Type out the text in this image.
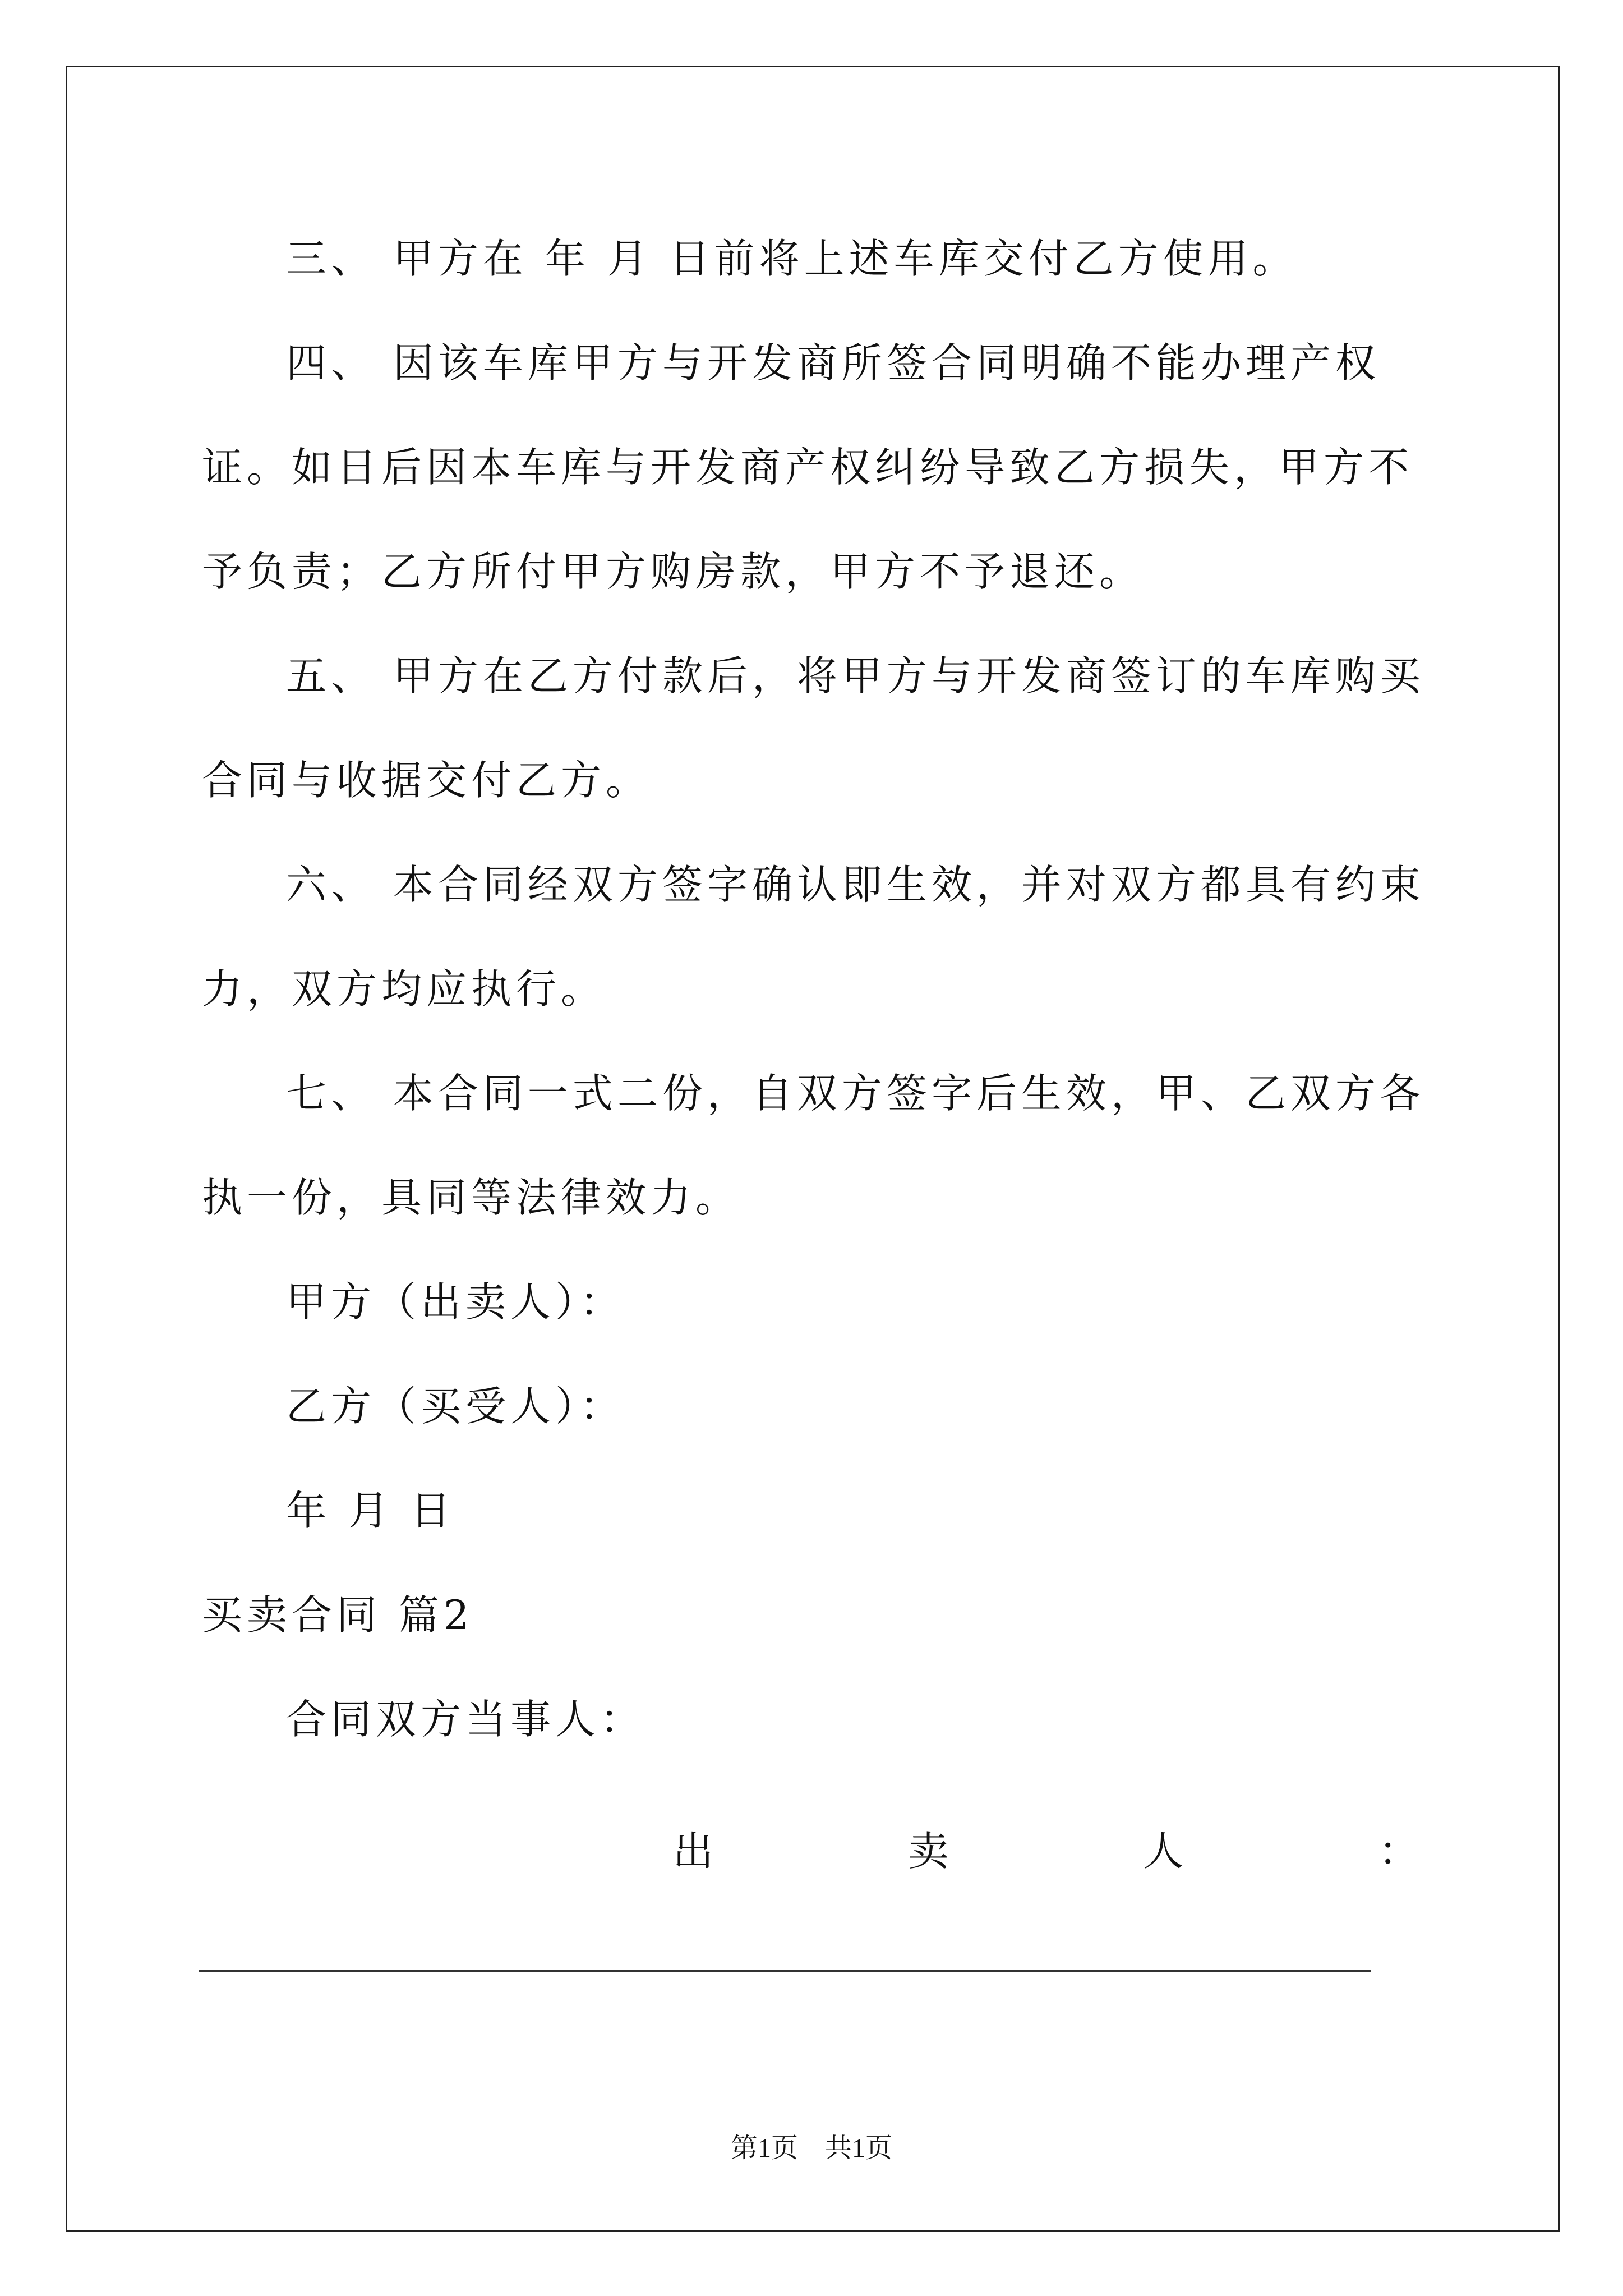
三、 甲方在 年 月 日前将上述车库交付乙方使用。

四、 因该车库甲方与开发商所签合同明确不能办理产权证。如日后因本车库与开发商产权纠纷导致乙方损失，甲方不予负责；乙方所付甲方购房款，甲方不予退还。

五、 甲方在乙方付款后，将甲方与开发商签订的车库购买合同与收据交付乙方。

六、 本合同经双方签字确认即生效，并对双方都具有约束力，双方均应执行。

七、 本合同一式二份，自双方签字后生效，甲、乙双方各执一份，具同等法律效力。

甲方（出卖人）：

乙方（买受人）：

年 月 日

买卖合同 篇2

合同双方当事人：

出	卖	人	：
第1页　共1页
